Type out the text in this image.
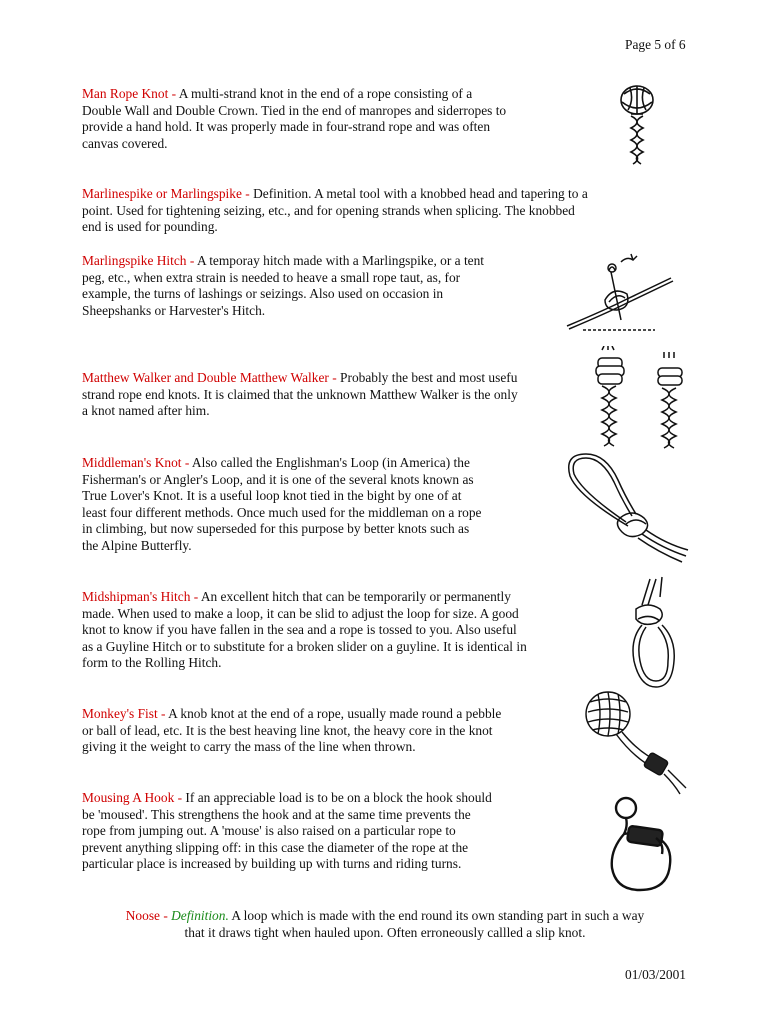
Page 5 of 6

Man Rope Knot - A multi-strand knot in the end of a rope consisting of a
Double Wall and Double Crown. Tied in the end of manropes and siderropes to
provide a hand hold. It was properly made in four-strand rope and was often
canvas covered.

Marlinespike or Marlingspike - Definition. A metal tool with a knobbed head and tapering to a
point. Used for tightening seizing, etc., and for opening strands when splicing. The knobbed
end is used for pounding.

Marlingspike Hitch - A temporay hitch made with a Marlingspike, or a tent
peg, etc., when extra strain is needed to heave a small rope taut, as, for
example, the turns of lashings or seizings. Also used on occasion in
Sheepshanks or Harvester's Hitch.

Matthew Walker and Double Matthew Walker - Probably the best and most usefu
strand rope end knots. It is claimed that the unknown Matthew Walker is the only
a knot named after him.

Middleman's Knot - Also called the Englishman's Loop (in America) the
Fisherman's or Angler's Loop, and it is one of the several knots known as
True Lover's Knot. It is a useful loop knot tied in the bight by one of at
least four different methods. Once much used for the middleman on a rope
in climbing, but now superseded for this purpose by better knots such as
the Alpine Butterfly.

Midshipman's Hitch - An excellent hitch that can be temporarily or permanently
made. When used to make a loop, it can be slid to adjust the loop for size. A good
knot to know if you have fallen in the sea and a rope is tossed to you. Also useful
as a Guyline Hitch or to substitute for a broken slider on a guyline. It is identical in
form to the Rolling Hitch.

Monkey's Fist - A knob knot at the end of a rope, usually made round a pebble
or ball of lead, etc. It is the best heaving line knot, the heavy core in the knot
giving it the weight to carry the mass of the line when thrown.

Mousing A Hook - If an appreciable load is to be on a block the hook should
be 'moused'. This strengthens the hook and at the same time prevents the
rope from jumping out. A 'mouse' is also raised on a particular rope to
prevent anything slipping off: in this case the diameter of the rope at the
particular place is increased by building up with turns and riding turns.

Noose - Definition. A loop which is made with the end round its own standing part in such a way
that it draws tight when hauled upon. Often erroneously callled a slip knot.
01/03/2001
